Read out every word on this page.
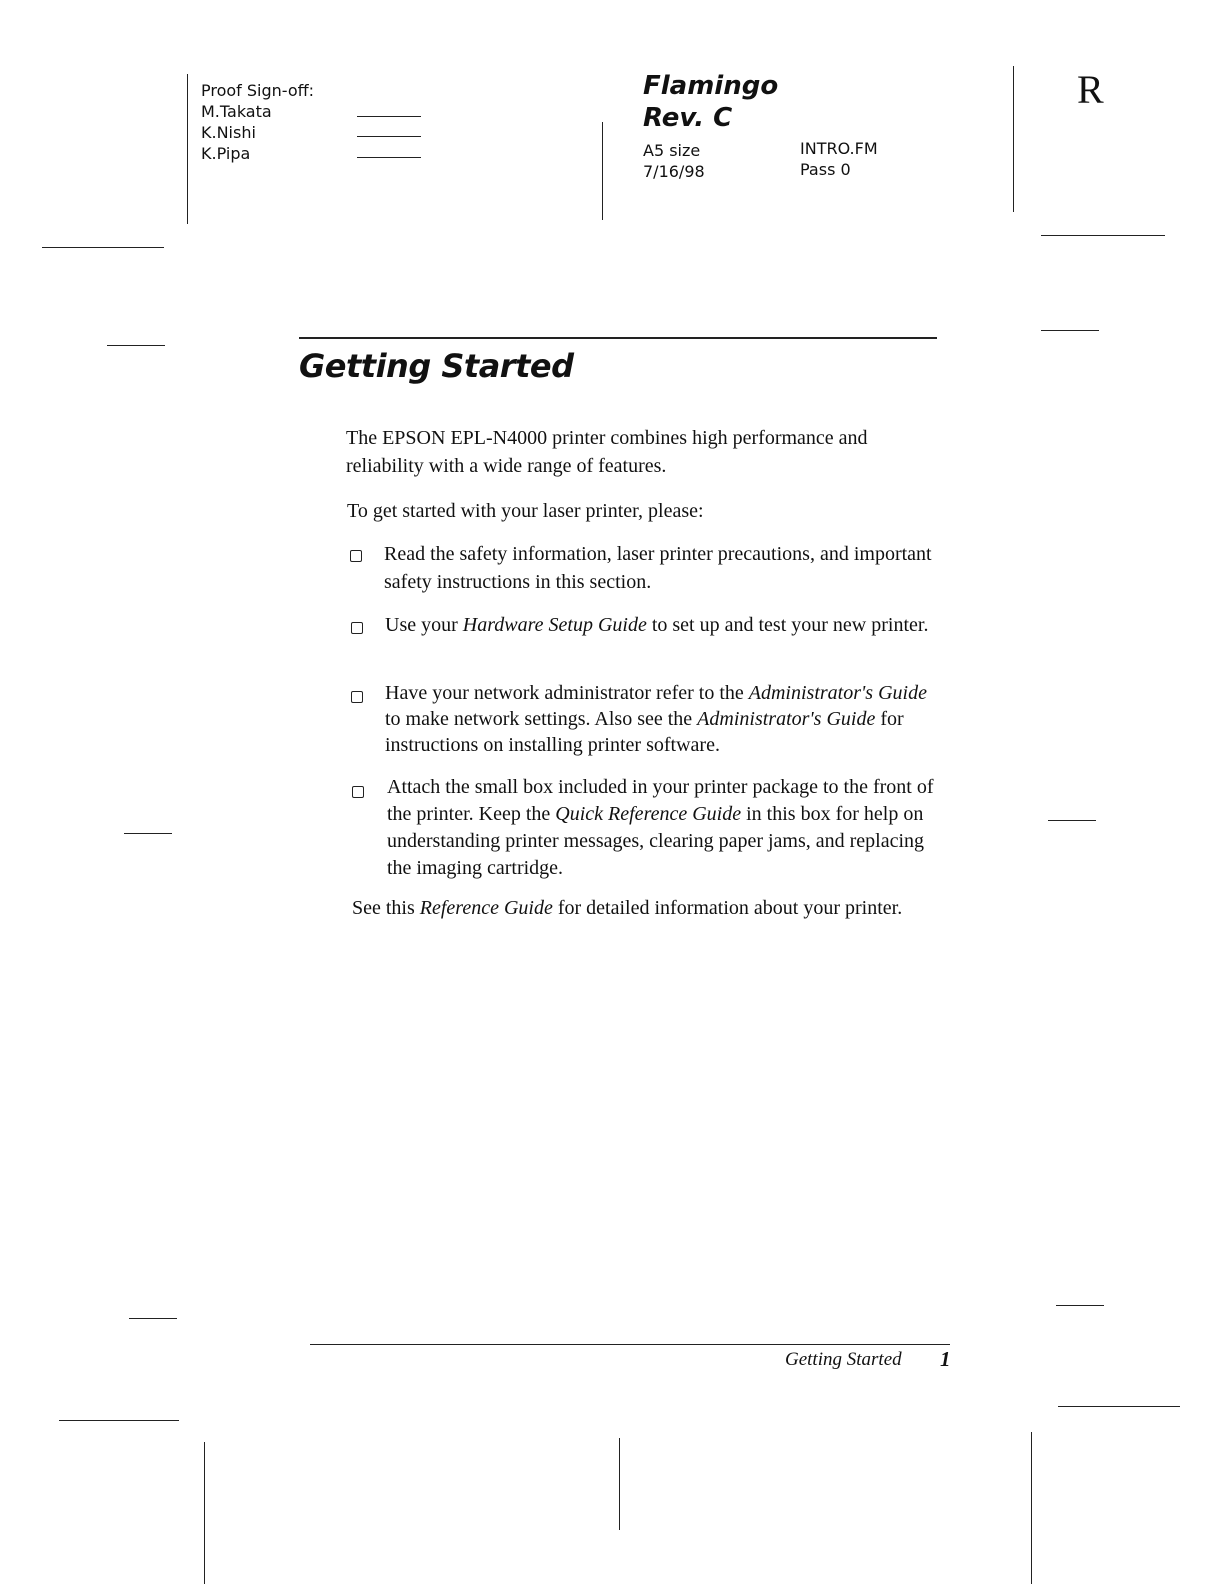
Proof Sign-off:
M.Takata
K.Nishi
K.Pipa
Flamingo
Rev. C
A5 size
7/16/98
INTRO.FM
Pass 0
R
Getting Started
The EPSON EPL-N4000 printer combines high performance and reliability with a wide range of features.
To get started with your laser printer, please:
Read the safety information, laser printer precautions, and important safety instructions in this section.
Use your Hardware Setup Guide to set up and test your new printer.
Have your network administrator refer to the Administrator's Guide to make network settings. Also see the Administrator's Guide for instructions on installing printer software.
Attach the small box included in your printer package to the front of the printer. Keep the Quick Reference Guide in this box for help on understanding printer messages, clearing paper jams, and replacing the imaging cartridge.
See this Reference Guide for detailed information about your printer.
Getting Started 1
